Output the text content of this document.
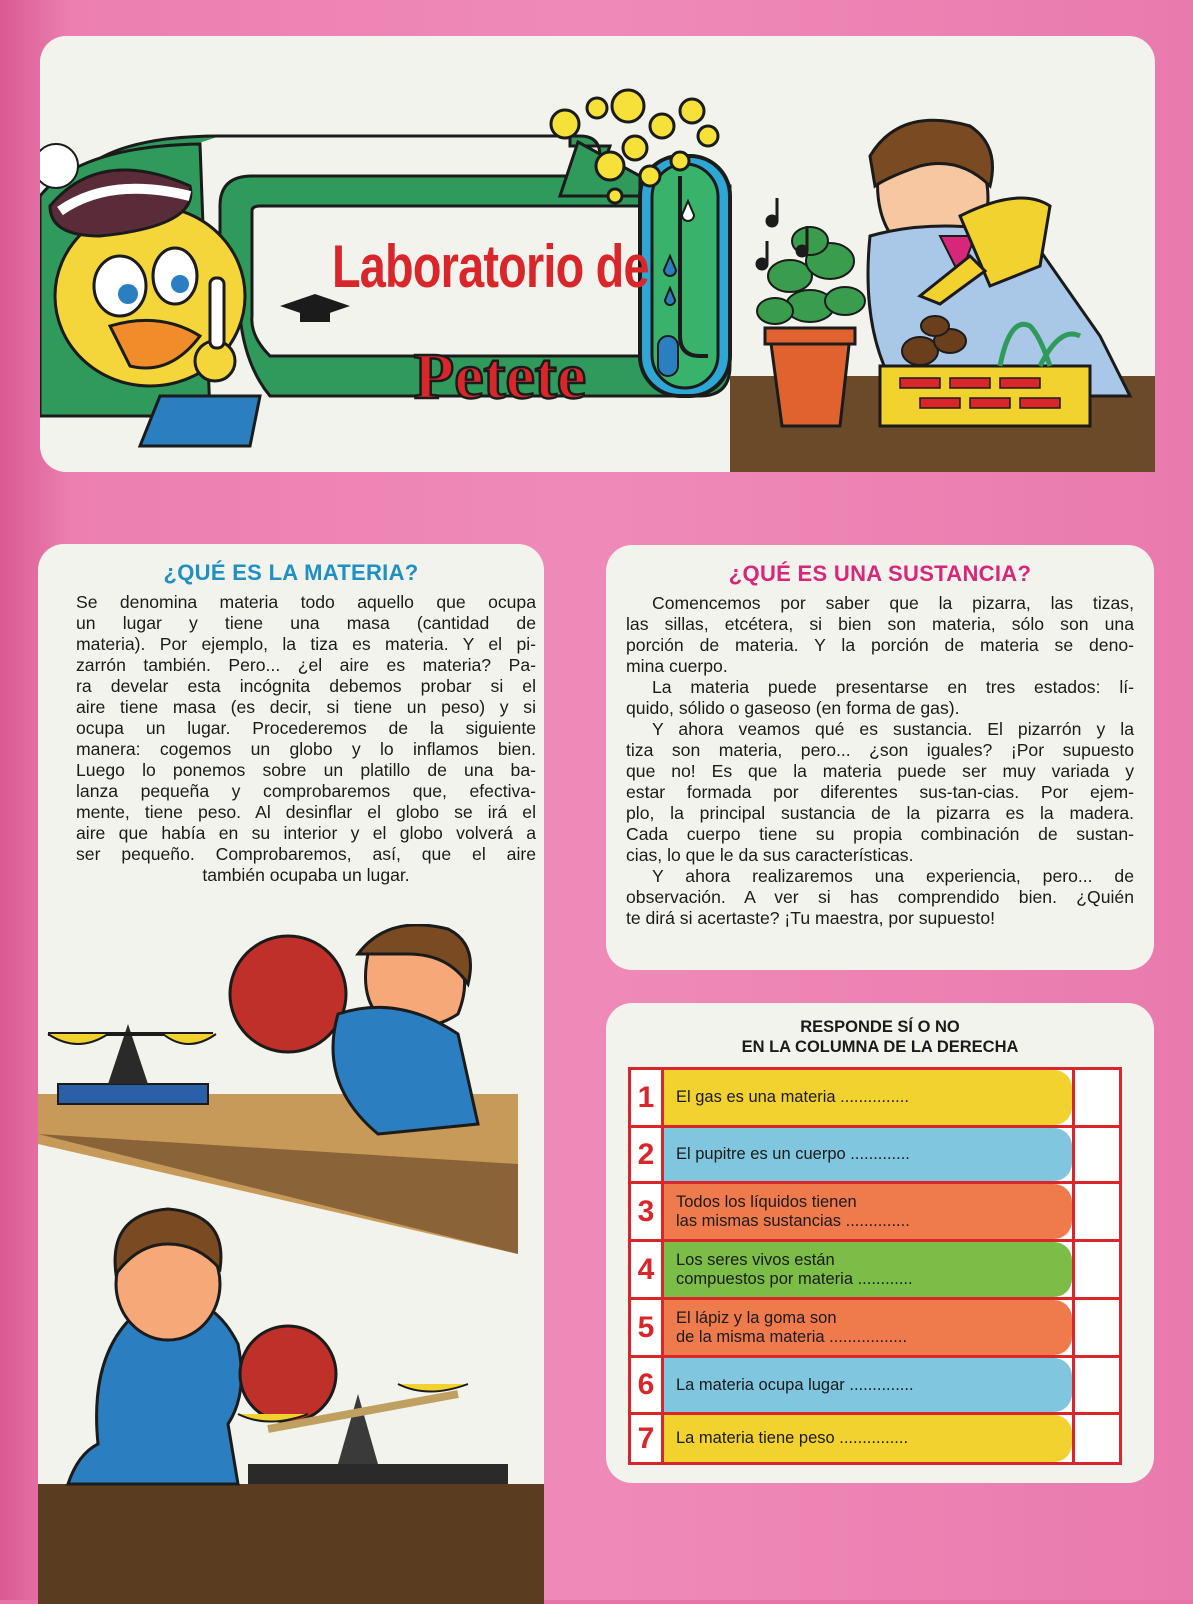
Laboratorio de
Petete
¿QUÉ ES LA MATERIA?
Se denomina materia todo aquello que ocupa
un lugar y tiene una masa (cantidad de
materia). Por ejemplo, la tiza es materia. Y el pi-
zarrón también. Pero... ¿el aire es materia? Pa-
ra develar esta incógnita debemos probar si el
aire tiene masa (es decir, si tiene un peso) y si
ocupa un lugar. Procederemos de la siguiente
manera: cogemos un globo y lo inflamos bien.
Luego lo ponemos sobre un platillo de una ba-
lanza pequeña y comprobaremos que, efectiva-
mente, tiene peso. Al desinflar el globo se irá el
aire que había en su interior y el globo volverá a
ser pequeño. Comprobaremos, así, que el aire
también ocupaba un lugar.
¿QUÉ ES UNA SUSTANCIA?
Comencemos por saber que la pizarra, las tizas,
las sillas, etcétera, si bien son materia, sólo son una
porción de materia. Y la porción de materia se deno-
mina cuerpo.
La materia puede presentarse en tres estados: lí-
quido, sólido o gaseoso (en forma de gas).
Y ahora veamos qué es sustancia. El pizarrón y la
tiza son materia, pero... ¿son iguales? ¡Por supuesto
que no! Es que la materia puede ser muy variada y
estar formada por diferentes sus-tan-cias. Por ejem-
plo, la principal sustancia de la pizarra es la madera.
Cada cuerpo tiene su propia combinación de sustan-
cias, lo que le da sus características.
Y ahora realizaremos una experiencia, pero... de
observación. A ver si has comprendido bien. ¿Quién
te dirá si acertaste? ¡Tu maestra, por supuesto!
RESPONDE SÍ O NO
EN LA COLUMNA DE LA DERECHA
1	El gas es una materia ...............
2	El pupitre es un cuerpo .............
3	Todos los líquidos tienen
las mismas sustancias ..............
4	Los seres vivos están
compuestos por materia ............
5	El lápiz y la goma son
de la misma materia .................
6	La materia ocupa lugar ..............
7	La materia tiene peso ...............
